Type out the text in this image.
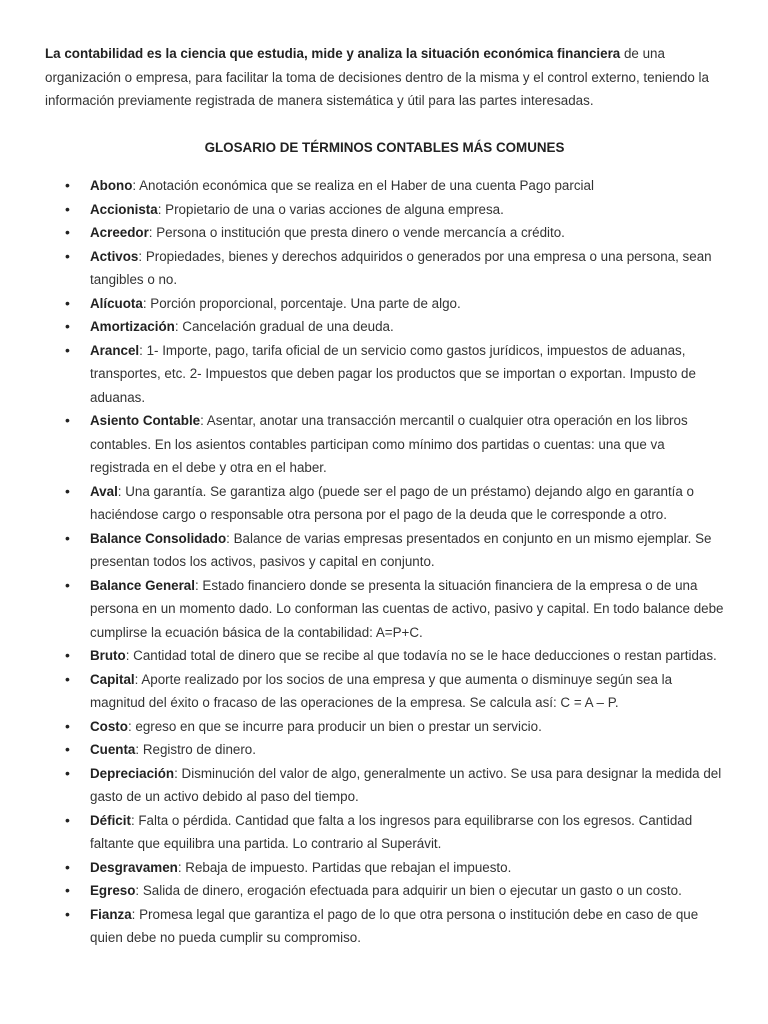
La contabilidad es la ciencia que estudia, mide y analiza la situación económica financiera de una organización o empresa, para facilitar la toma de decisiones dentro de la misma y el control externo, teniendo la información previamente registrada de manera sistemática y útil para las partes interesadas.

GLOSARIO DE TÉRMINOS CONTABLES MÁS COMUNES
• Abono: Anotación económica que se realiza en el Haber de una cuenta Pago parcial
• Accionista: Propietario de una o varias acciones de alguna empresa.
• Acreedor: Persona o institución que presta dinero o vende mercancía a crédito.
• Activos: Propiedades, bienes y derechos adquiridos o generados por una empresa o una persona, sean tangibles o no.
• Alícuota: Porción proporcional, porcentaje. Una parte de algo.
• Amortización: Cancelación gradual de una deuda.
• Arancel: 1- Importe, pago, tarifa oficial de un servicio como gastos jurídicos, impuestos de aduanas, transportes, etc. 2- Impuestos que deben pagar los productos que se importan o exportan. Impusto de aduanas.
• Asiento Contable: Asentar, anotar una transacción mercantil o cualquier otra operación en los libros contables. En los asientos contables participan como mínimo dos partidas o cuentas: una que va registrada en el debe y otra en el haber.
• Aval: Una garantía. Se garantiza algo (puede ser el pago de un préstamo) dejando algo en garantía o haciéndose cargo o responsable otra persona por el pago de la deuda que le corresponde a otro.
• Balance Consolidado: Balance de varias empresas presentados en conjunto en un mismo ejemplar. Se presentan todos los activos, pasivos y capital en conjunto.
• Balance General: Estado financiero donde se presenta la situación financiera de la empresa o de una persona en un momento dado. Lo conforman las cuentas de activo, pasivo y capital. En todo balance debe cumplirse la ecuación básica de la contabilidad: A=P+C.
• Bruto: Cantidad total de dinero que se recibe al que todavía no se le hace deducciones o restan partidas.
• Capital: Aporte realizado por los socios de una empresa y que aumenta o disminuye según sea la magnitud del éxito o fracaso de las operaciones de la empresa. Se calcula así: C = A – P.
• Costo: egreso en que se incurre para producir un bien o prestar un servicio.
• Cuenta: Registro de dinero.
• Depreciación: Disminución del valor de algo, generalmente un activo. Se usa para designar la medida del gasto de un activo debido al paso del tiempo.
• Déficit: Falta o pérdida. Cantidad que falta a los ingresos para equilibrarse con los egresos. Cantidad faltante que equilibra una partida. Lo contrario al Superávit.
• Desgravamen: Rebaja de impuesto. Partidas que rebajan el impuesto.
• Egreso: Salida de dinero, erogación efectuada para adquirir un bien o ejecutar un gasto o un costo.
• Fianza: Promesa legal que garantiza el pago de lo que otra persona o institución debe en caso de que quien debe no pueda cumplir su compromiso.
